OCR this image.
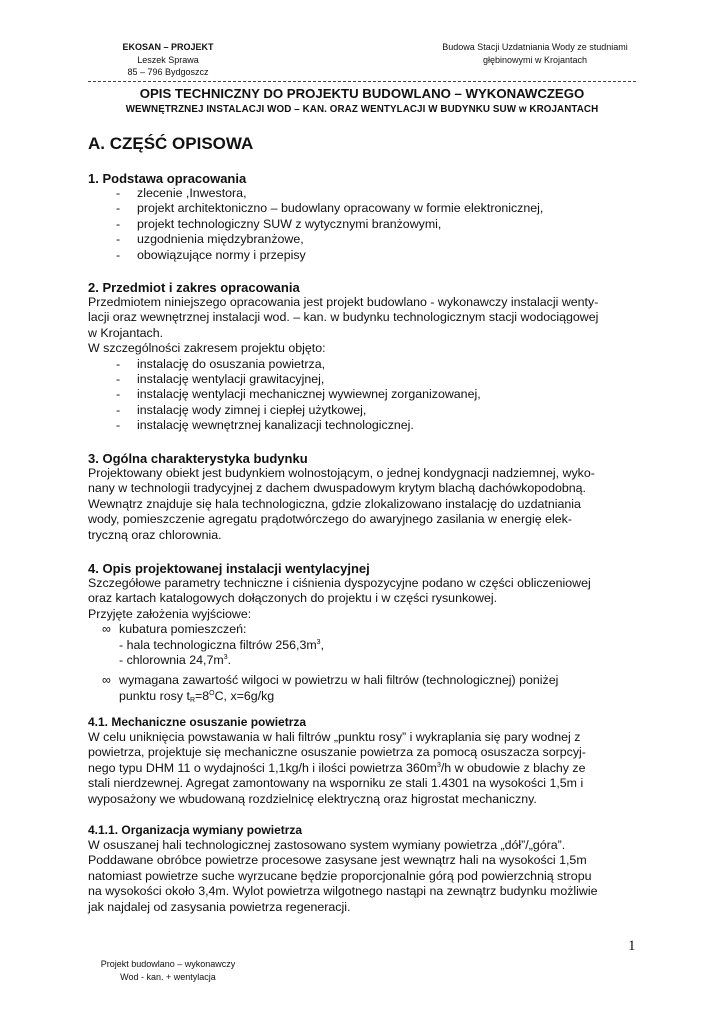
EKOSAN – PROJEKT
Leszek Sprawa
85 – 796 Bydgoszcz
Budowa Stacji Uzdatniania Wody ze studniami
głębinowymi w Krojantach
OPIS TECHNICZNY DO PROJEKTU BUDOWLANO – WYKONAWCZEGO
WEWNĘTRZNEJ INSTALACJI WOD – KAN. ORAZ WENTYLACJI W BUDYNKU SUW w KROJANTACH
A. CZĘŚĆ OPISOWA
1. Podstawa opracowania
- zlecenie ,Inwestora,
- projekt architektoniczno – budowlany opracowany w formie elektronicznej,
- projekt technologiczny SUW z wytycznymi branżowymi,
- uzgodnienia międzybranżowe,
- obowiązujące normy i przepisy
2. Przedmiot i zakres opracowania
Przedmiotem niniejszego opracowania jest projekt budowlano - wykonawczy instalacji wenty-
lacji oraz wewnętrznej instalacji wod. – kan. w budynku technologicznym stacji wodociągowej
w Krojantach.
W szczególności zakresem projektu objęto:
- instalację do osuszania powietrza,
- instalację wentylacji grawitacyjnej,
- instalację wentylacji mechanicznej wywiewnej zorganizowanej,
- instalację wody zimnej i ciepłej użytkowej,
- instalację wewnętrznej kanalizacji technologicznej.
3. Ogólna charakterystyka budynku
Projektowany obiekt jest budynkiem wolnostojącym, o jednej kondygnacji nadziemnej, wyko-
nany w technologii tradycyjnej z dachem dwuspadowym krytym blachą dachówkopodobną.
Wewnątrz znajduje się hala technologiczna, gdzie zlokalizowano instalację do uzdatniania
wody, pomieszczenie agregatu prądotwórczego do awaryjnego zasilania w energię elek-
tryczną oraz chlorownia.
4. Opis projektowanej instalacji wentylacyjnej
Szczegółowe parametry techniczne i ciśnienia dyspozycyjne podano w części obliczeniowej
oraz kartach katalogowych dołączonych do projektu i w części rysunkowej.
Przyjęte założenia wyjściowe:
∞ kubatura pomieszczeń:
- hala technologiczna filtrów $256,3m^3$,
- chlorownia $24,7m^3$.
∞ wymagana zawartość wilgoci w powietrzu w hali filtrów (technologicznej) poniżej
punktu rosy $t_R=8^OC$, x=6g/kg
4.1. Mechaniczne osuszanie powietrza
W celu uniknięcia powstawania w hali filtrów „punktu rosy” i wykraplania się pary wodnej z
powietrza, projektuje się mechaniczne osuszanie powietrza za pomocą osuszacza sorpcyj-
nego typu DHM 11 o wydajności 1,1kg/h i ilości powietrza $360m^3/h$ w obudowie z blachy ze
stali nierdzewnej. Agregat zamontowany na wsporniku ze stali 1.4301 na wysokości 1,5m i
wyposażony we wbudowaną rozdzielnicę elektryczną oraz higrostat mechaniczny.
4.1.1. Organizacja wymiany powietrza
W osuszanej hali technologicznej zastosowano system wymiany powietrza „dół”/„góra”.
Poddawane obróbce powietrze procesowe zasysane jest wewnątrz hali na wysokości 1,5m
natomiast powietrze suche wyrzucane będzie proporcjonalnie górą pod powierzchnią stropu
na wysokości około 3,4m. Wylot powietrza wilgotnego nastąpi na zewnątrz budynku możliwie
jak najdalej od zasysania powietrza regeneracji.
1
Projekt budowlano – wykonawczy
Wod - kan. + wentylacja
